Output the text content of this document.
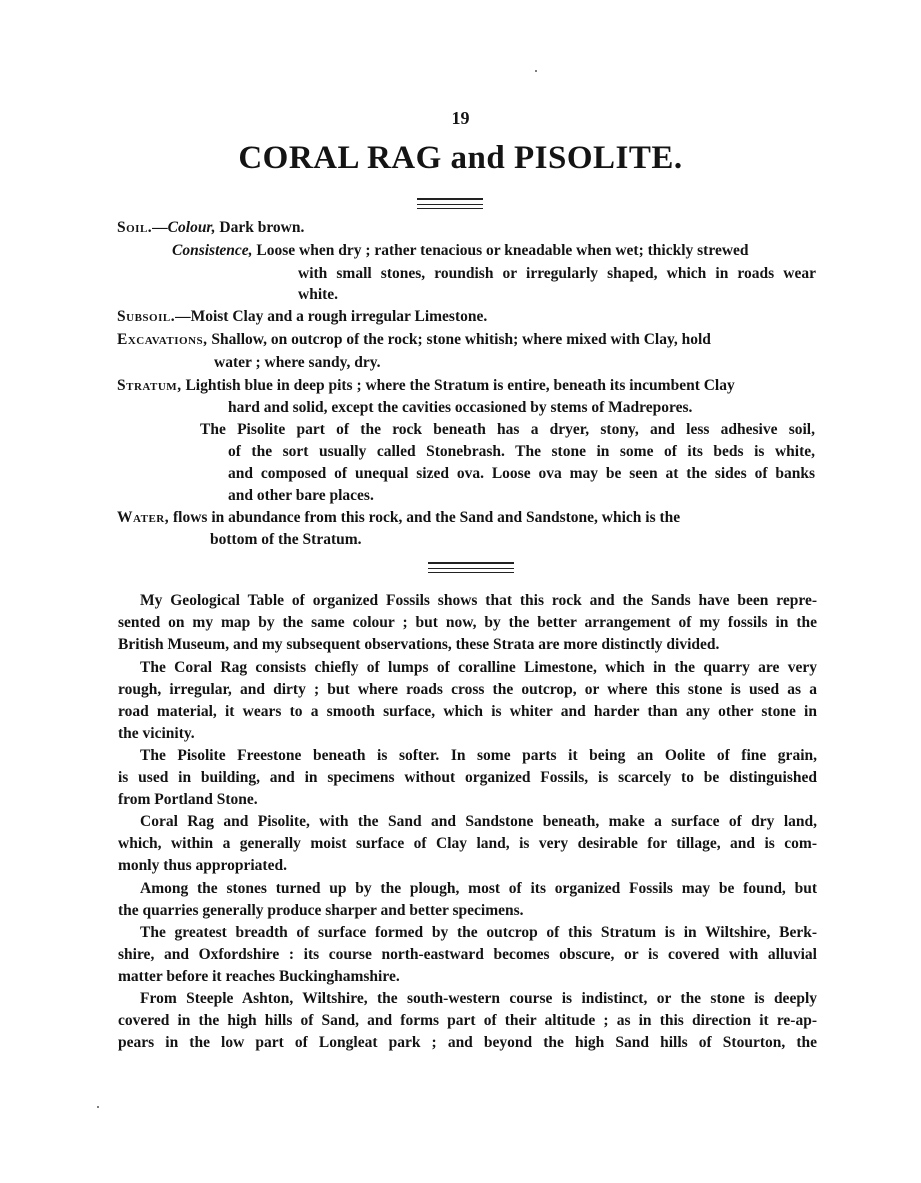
19
CORAL RAG and PISOLITE.
Soil.—Colour, Dark brown.
Consistence, Loose when dry ; rather tenacious or kneadable when wet; thickly strewed
with small stones, roundish or irregularly shaped, which in roads wear
white.
Subsoil.—Moist Clay and a rough irregular Limestone.
Excavations, Shallow, on outcrop of the rock; stone whitish; where mixed with Clay, hold
water ; where sandy, dry.
Stratum, Lightish blue in deep pits ; where the Stratum is entire, beneath its incumbent Clay
hard and solid, except the cavities occasioned by stems of Madrepores.
The Pisolite part of the rock beneath has a dryer, stony, and less adhesive soil,
of the sort usually called Stonebrash. The stone in some of its beds is white,
and composed of unequal sized ova. Loose ova may be seen at the sides of banks
and other bare places.
Water, flows in abundance from this rock, and the Sand and Sandstone, which is the
bottom of the Stratum.
My Geological Table of organized Fossils shows that this rock and the Sands have been repre-
sented on my map by the same colour ; but now, by the better arrangement of my fossils in the
British Museum, and my subsequent observations, these Strata are more distinctly divided.
The Coral Rag consists chiefly of lumps of coralline Limestone, which in the quarry are very
rough, irregular, and dirty ; but where roads cross the outcrop, or where this stone is used as a
road material, it wears to a smooth surface, which is whiter and harder than any other stone in
the vicinity.
The Pisolite Freestone beneath is softer. In some parts it being an Oolite of fine grain,
is used in building, and in specimens without organized Fossils, is scarcely to be distinguished
from Portland Stone.
Coral Rag and Pisolite, with the Sand and Sandstone beneath, make a surface of dry land,
which, within a generally moist surface of Clay land, is very desirable for tillage, and is com-
monly thus appropriated.
Among the stones turned up by the plough, most of its organized Fossils may be found, but
the quarries generally produce sharper and better specimens.
The greatest breadth of surface formed by the outcrop of this Stratum is in Wiltshire, Berk-
shire, and Oxfordshire : its course north-eastward becomes obscure, or is covered with alluvial
matter before it reaches Buckinghamshire.
From Steeple Ashton, Wiltshire, the south-western course is indistinct, or the stone is deeply
covered in the high hills of Sand, and forms part of their altitude ; as in this direction it re-ap-
pears in the low part of Longleat park ; and beyond the high Sand hills of Stourton, the
